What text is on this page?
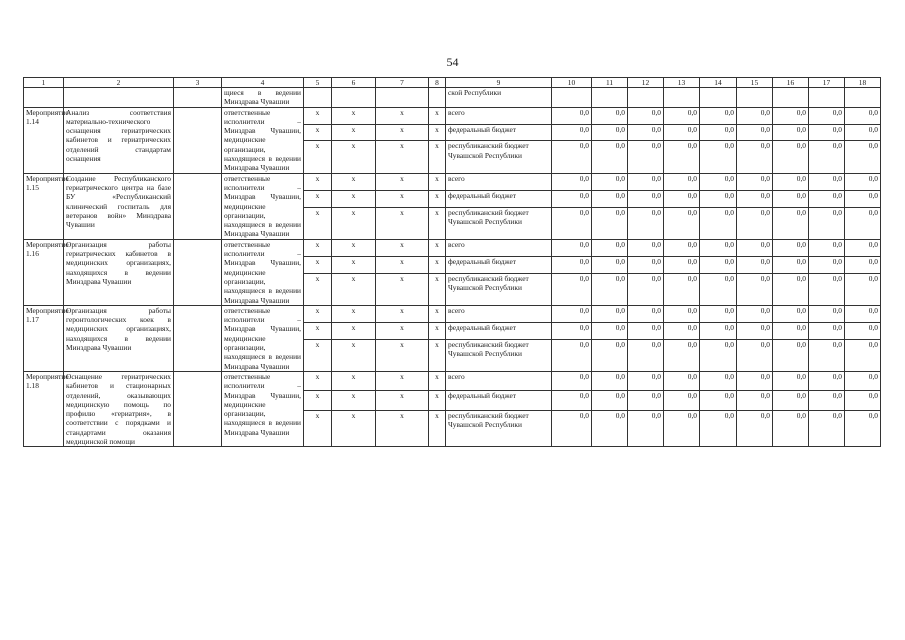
54
1	2	3	4	5	6	7	8	9	10	11	12	13	14	15	16	17	18
			щиеся в ведении Минздрава Чувашии					ской Республики									
Мероприятие 1.14	Анализ соответствия материально-технического оснащения гериатрических кабинетов и гериатрических отделений стандартам оснащения		ответственные исполнители – Минздрав Чувашии, медицинские организации, находящиеся в ведении Минздрава Чувашии	x	x	x	x	всего	0,0	0,0	0,0	0,0	0,0	0,0	0,0	0,0	0,0
				x	x	x	x	федеральный бюджет	0,0	0,0	0,0	0,0	0,0	0,0	0,0	0,0	0,0
				x	x	x	x	республиканский бюджет Чувашской Республики	0,0	0,0	0,0	0,0	0,0	0,0	0,0	0,0	0,0
Мероприятие 1.15	Создание Республиканского гериатрического центра на базе БУ «Республиканский клинический госпиталь для ветеранов войн» Минздрава Чувашии		ответственные исполнители – Минздрав Чувашии, медицинские организации, находящиеся в ведении Минздрава Чувашии	x	x	x	x	всего	0,0	0,0	0,0	0,0	0,0	0,0	0,0	0,0	0,0
				x	x	x	x	федеральный бюджет	0,0	0,0	0,0	0,0	0,0	0,0	0,0	0,0	0,0
				x	x	x	x	республиканский бюджет Чувашской Республики	0,0	0,0	0,0	0,0	0,0	0,0	0,0	0,0	0,0
Мероприятие 1.16	Организация работы гериатрических кабинетов в медицинских организациях, находящихся в ведении Минздрава Чувашии		ответственные исполнители – Минздрав Чувашии, медицинские организации, находящиеся в ведении Минздрава Чувашии	x	x	x	x	всего	0,0	0,0	0,0	0,0	0,0	0,0	0,0	0,0	0,0
				x	x	x	x	федеральный бюджет	0,0	0,0	0,0	0,0	0,0	0,0	0,0	0,0	0,0
				x	x	x	x	республиканский бюджет Чувашской Республики	0,0	0,0	0,0	0,0	0,0	0,0	0,0	0,0	0,0
Мероприятие 1.17	Организация работы геронтологических коек в медицинских организациях, находящихся в ведении Минздрава Чувашии		ответственные исполнители – Минздрав Чувашии, медицинские организации, находящиеся в ведении Минздрава Чувашии	x	x	x	x	всего	0,0	0,0	0,0	0,0	0,0	0,0	0,0	0,0	0,0
				x	x	x	x	федеральный бюджет	0,0	0,0	0,0	0,0	0,0	0,0	0,0	0,0	0,0
				x	x	x	x	республиканский бюджет Чувашской Республики	0,0	0,0	0,0	0,0	0,0	0,0	0,0	0,0	0,0
Мероприятие 1.18	Оснащение гериатрических кабинетов и стационарных отделений, оказывающих медицинскую помощь по профилю «гериатрия», в соответствии с порядками и стандартами оказания медицинской помощи		ответственные исполнители – Минздрав Чувашии, медицинские организации, находящиеся в ведении Минздрава Чувашии	x	x	x	x	всего	0,0	0,0	0,0	0,0	0,0	0,0	0,0	0,0	0,0
				x	x	x	x	федеральный бюджет	0,0	0,0	0,0	0,0	0,0	0,0	0,0	0,0	0,0
				x	x	x	x	республиканский бюджет Чувашской Республики	0,0	0,0	0,0	0,0	0,0	0,0	0,0	0,0	0,0
